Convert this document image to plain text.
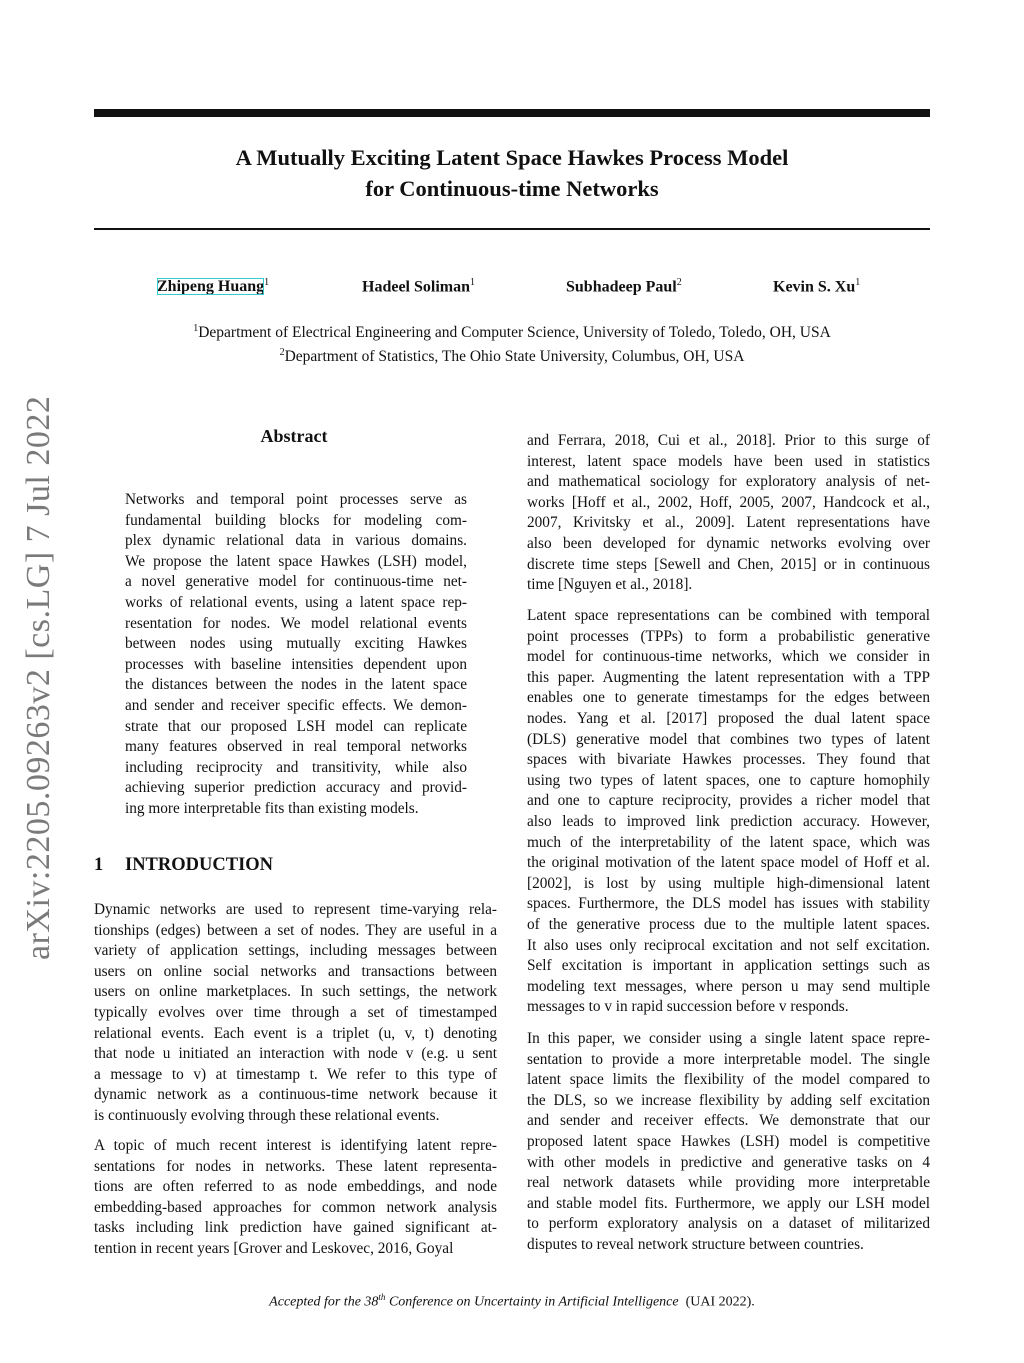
A Mutually Exciting Latent Space Hawkes Process Model
for Continuous-time Networks
Zhipeng Huang$^1$	Hadeel Soliman$^1$	Subhadeep Paul$^2$	Kevin S. Xu$^1$
$^1$Department of Electrical Engineering and Computer Science, University of Toledo, Toledo, OH, USA
$^2$Department of Statistics, The Ohio State University, Columbus, OH, USA
arXiv:2205.09263v2 [cs.LG] 7 Jul 2022	Abstract
Networks and temporal point processes serve as
fundamental building blocks for modeling com-
plex dynamic relational data in various domains.
We propose the latent space Hawkes (LSH) model,
a novel generative model for continuous-time net-
works of relational events, using a latent space rep-
resentation for nodes. We model relational events
between nodes using mutually exciting Hawkes
processes with baseline intensities dependent upon
the distances between the nodes in the latent space
and sender and receiver specific effects. We demon-
strate that our proposed LSH model can replicate
many features observed in real temporal networks
including reciprocity and transitivity, while also
achieving superior prediction accuracy and provid-
ing more interpretable fits than existing models.
1 INTRODUCTION
Dynamic networks are used to represent time-varying rela-
tionships (edges) between a set of nodes. They are useful in a
variety of application settings, including messages between
users on online social networks and transactions between
users on online marketplaces. In such settings, the network
typically evolves over time through a set of timestamped
relational events. Each event is a triplet (u, v, t) denoting
that node u initiated an interaction with node v (e.g. u sent
a message to v) at timestamp t. We refer to this type of
dynamic network as a continuous-time network because it
is continuously evolving through these relational events.
A topic of much recent interest is identifying latent repre-
sentations for nodes in networks. These latent representa-
tions are often referred to as node embeddings, and node
embedding-based approaches for common network analysis
tasks including link prediction have gained significant at-
tention in recent years [Grover and Leskovec, 2016, Goyal
and Ferrara, 2018, Cui et al., 2018]. Prior to this surge of
interest, latent space models have been used in statistics
and mathematical sociology for exploratory analysis of net-
works [Hoff et al., 2002, Hoff, 2005, 2007, Handcock et al.,
2007, Krivitsky et al., 2009]. Latent representations have
also been developed for dynamic networks evolving over
discrete time steps [Sewell and Chen, 2015] or in continuous
time [Nguyen et al., 2018].
Latent space representations can be combined with temporal
point processes (TPPs) to form a probabilistic generative
model for continuous-time networks, which we consider in
this paper. Augmenting the latent representation with a TPP
enables one to generate timestamps for the edges between
nodes. Yang et al. [2017] proposed the dual latent space
(DLS) generative model that combines two types of latent
spaces with bivariate Hawkes processes. They found that
using two types of latent spaces, one to capture homophily
and one to capture reciprocity, provides a richer model that
also leads to improved link prediction accuracy. However,
much of the interpretability of the latent space, which was
the original motivation of the latent space model of Hoff et al.
[2002], is lost by using multiple high-dimensional latent
spaces. Furthermore, the DLS model has issues with stability
of the generative process due to the multiple latent spaces.
It also uses only reciprocal excitation and not self excitation.
Self excitation is important in application settings such as
modeling text messages, where person u may send multiple
messages to v in rapid succession before v responds.
In this paper, we consider using a single latent space repre-
sentation to provide a more interpretable model. The single
latent space limits the flexibility of the model compared to
the DLS, so we increase flexibility by adding self excitation
and sender and receiver effects. We demonstrate that our
proposed latent space Hawkes (LSH) model is competitive
with other models in predictive and generative tasks on 4
real network datasets while providing more interpretable
and stable model fits. Furthermore, we apply our LSH model
to perform exploratory analysis on a dataset of militarized
disputes to reveal network structure between countries.
Accepted for the 38th Conference on Uncertainty in Artificial Intelligence (UAI 2022).
